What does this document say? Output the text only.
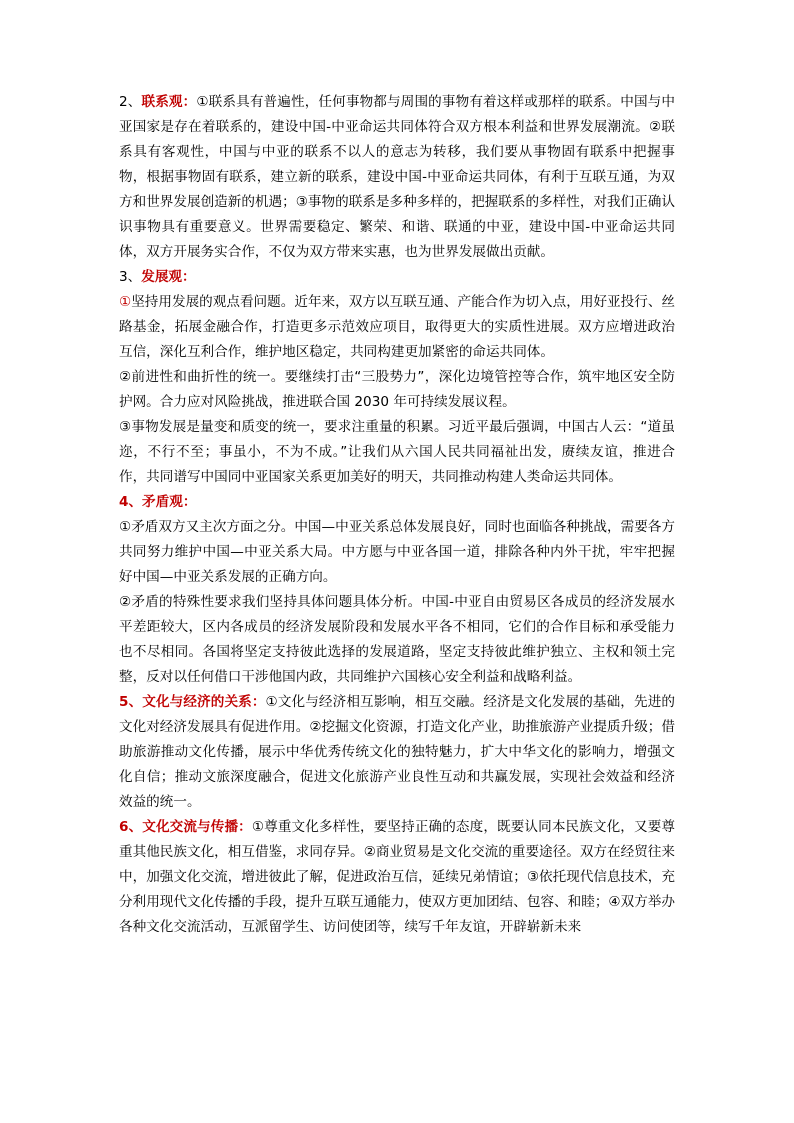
2、联系观：①联系具有普遍性，任何事物都与周围的事物有着这样或那样的联系。中国与中亚国家是存在着联系的，建设中国-中亚命运共同体符合双方根本利益和世界发展潮流。②联系具有客观性，中国与中亚的联系不以人的意志为转移，我们要从事物固有联系中把握事物，根据事物固有联系，建立新的联系，建设中国-中亚命运共同体，有利于互联互通，为双方和世界发展创造新的机遇；③事物的联系是多种多样的，把握联系的多样性，对我们正确认识事物具有重要意义。世界需要稳定、繁荣、和谐、联通的中亚，建设中国-中亚命运共同体，双方开展务实合作，不仅为双方带来实惠，也为世界发展做出贡献。

3、发展观：

①坚持用发展的观点看问题。近年来，双方以互联互通、产能合作为切入点，用好亚投行、丝路基金，拓展金融合作，打造更多示范效应项目，取得更大的实质性进展。双方应增进政治互信，深化互利合作，维护地区稳定，共同构建更加紧密的命运共同体。

②前进性和曲折性的统一。要继续打击“三股势力”，深化边境管控等合作，筑牢地区安全防护网。合力应对风险挑战，推进联合国 2030 年可持续发展议程。

③事物发展是量变和质变的统一，要求注重量的积累。习近平最后强调，中国古人云：“道虽迩，不行不至；事虽小，不为不成。”让我们从六国人民共同福祉出发，赓续友谊，推进合作，共同谱写中国同中亚国家关系更加美好的明天，共同推动构建人类命运共同体。

4、矛盾观：

①矛盾双方又主次方面之分。中国—中亚关系总体发展良好，同时也面临各种挑战，需要各方共同努力维护中国—中亚关系大局。中方愿与中亚各国一道，排除各种内外干扰，牢牢把握好中国—中亚关系发展的正确方向。

②矛盾的特殊性要求我们坚持具体问题具体分析。中国-中亚自由贸易区各成员的经济发展水平差距较大，区内各成员的经济发展阶段和发展水平各不相同，它们的合作目标和承受能力也不尽相同。各国将坚定支持彼此选择的发展道路，坚定支持彼此维护独立、主权和领土完整，反对以任何借口干涉他国内政，共同维护六国核心安全利益和战略利益。

5、文化与经济的关系：①文化与经济相互影响，相互交融。经济是文化发展的基础，先进的文化对经济发展具有促进作用。②挖掘文化资源，打造文化产业，助推旅游产业提质升级；借助旅游推动文化传播，展示中华优秀传统文化的独特魅力，扩大中华文化的影响力，增强文化自信；推动文旅深度融合，促进文化旅游产业良性互动和共赢发展，实现社会效益和经济效益的统一。

6、文化交流与传播：①尊重文化多样性，要坚持正确的态度，既要认同本民族文化，又要尊重其他民族文化，相互借鉴，求同存异。②商业贸易是文化交流的重要途径。双方在经贸往来中，加强文化交流，增进彼此了解，促进政治互信，延续兄弟情谊；③依托现代信息技术，充分利用现代文化传播的手段，提升互联互通能力，使双方更加团结、包容、和睦；④双方举办各种文化交流活动，互派留学生、访问使团等，续写千年友谊，开辟崭新未来
